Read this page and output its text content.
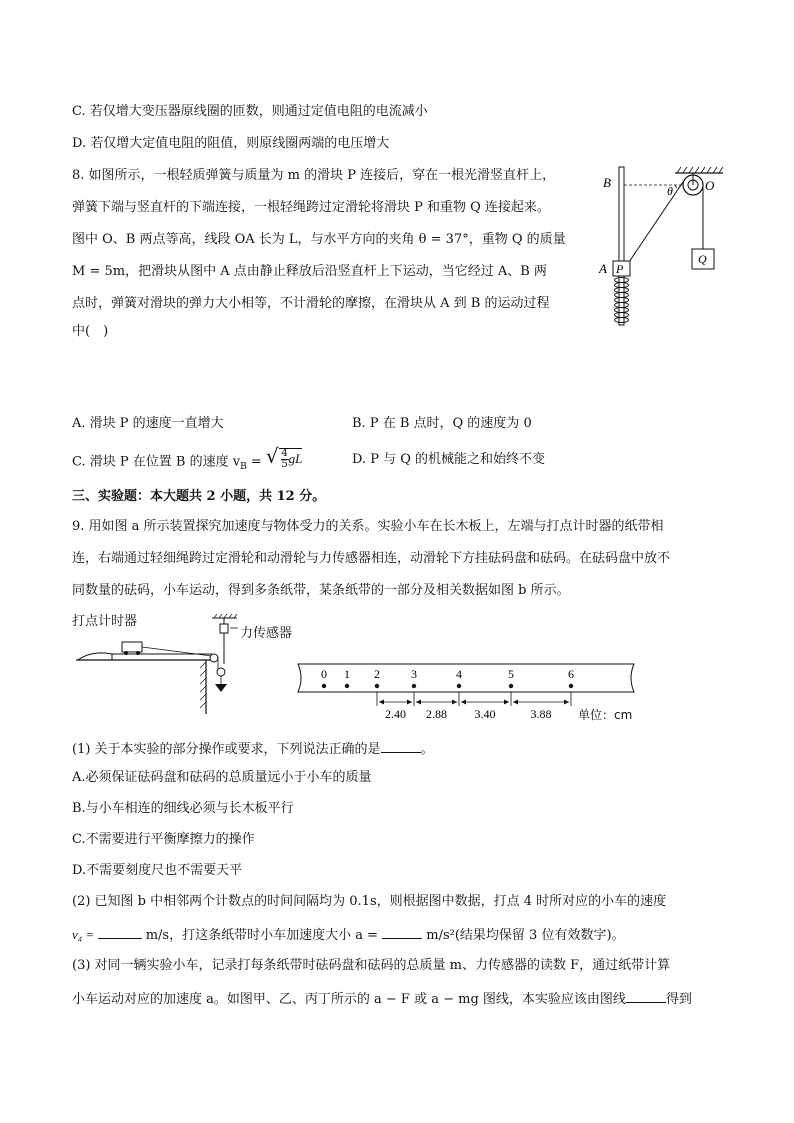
C. 若仅增大变压器原线圈的匝数，则通过定值电阻的电流减小
D. 若仅增大定值电阻的阻值，则原线圈两端的电压增大
8. 如图所示，一根轻质弹簧与质量为 m 的滑块 P 连接后，穿在一根光滑竖直杆上，
弹簧下端与竖直杆的下端连接，一根轻绳跨过定滑轮将滑块 P 和重物 Q 连接起来。
图中 O、B 两点等高，线段 OA 长为 L，与水平方向的夹角 θ = 37°，重物 Q 的质量
M = 5m，把滑块从图中 A 点由静止释放后沿竖直杆上下运动，当它经过 A、B 两
点时，弹簧对滑块的弹力大小相等，不计滑轮的摩擦，在滑块从 A 到 B 的运动过程
中(　)
Q
P
B	O
A
θ
A. 滑块 P 的速度一直增大	B. P 在 B 点时，Q 的速度为 0
C. 滑块 P 在位置 B 的速度 $v_B$ = √ $\frac{4}{5}$ gL	D. P 与 Q 的机械能之和始终不变
三、实验题：本大题共 2 小题，共 12 分。
9. 用如图 a 所示装置探究加速度与物体受力的关系。实验小车在长木板上，左端与打点计时器的纸带相
连，右端通过轻细绳跨过定滑轮和动滑轮与力传感器相连，动滑轮下方挂砝码盘和砝码。在砝码盘中放不
同数量的砝码，小车运动，得到多条纸带，某条纸带的一部分及相关数据如图 b 所示。
打点计时器
力传感器
0 1 2	3	4	5	6
2.40 2.88 3.40	3.88 单位：cm
(1) 关于本实验的部分操作或要求，下列说法正确的是	。
A.必须保证砝码盘和砝码的总质量远小于小车的质量
B.与小车相连的细线必须与长木板平行
C.不需要进行平衡摩擦力的操作
D.不需要刻度尺也不需要天平
(2) 已知图 b 中相邻两个计数点的时间间隔均为 0.1s，则根据图中数据，打点 4 时所对应的小车的速度
v₄ =	m/s，打这条纸带时小车加速度大小 a =	m/s²(结果均保留 3 位有效数字)。
(3) 对同一辆实验小车，记录打每条纸带时砝码盘和砝码的总质量 m、力传感器的读数 F，通过纸带计算
小车运动对应的加速度 a。如图甲、乙、丙丁所示的 a − F 或 a − mg 图线，本实验应该由图线	得到
